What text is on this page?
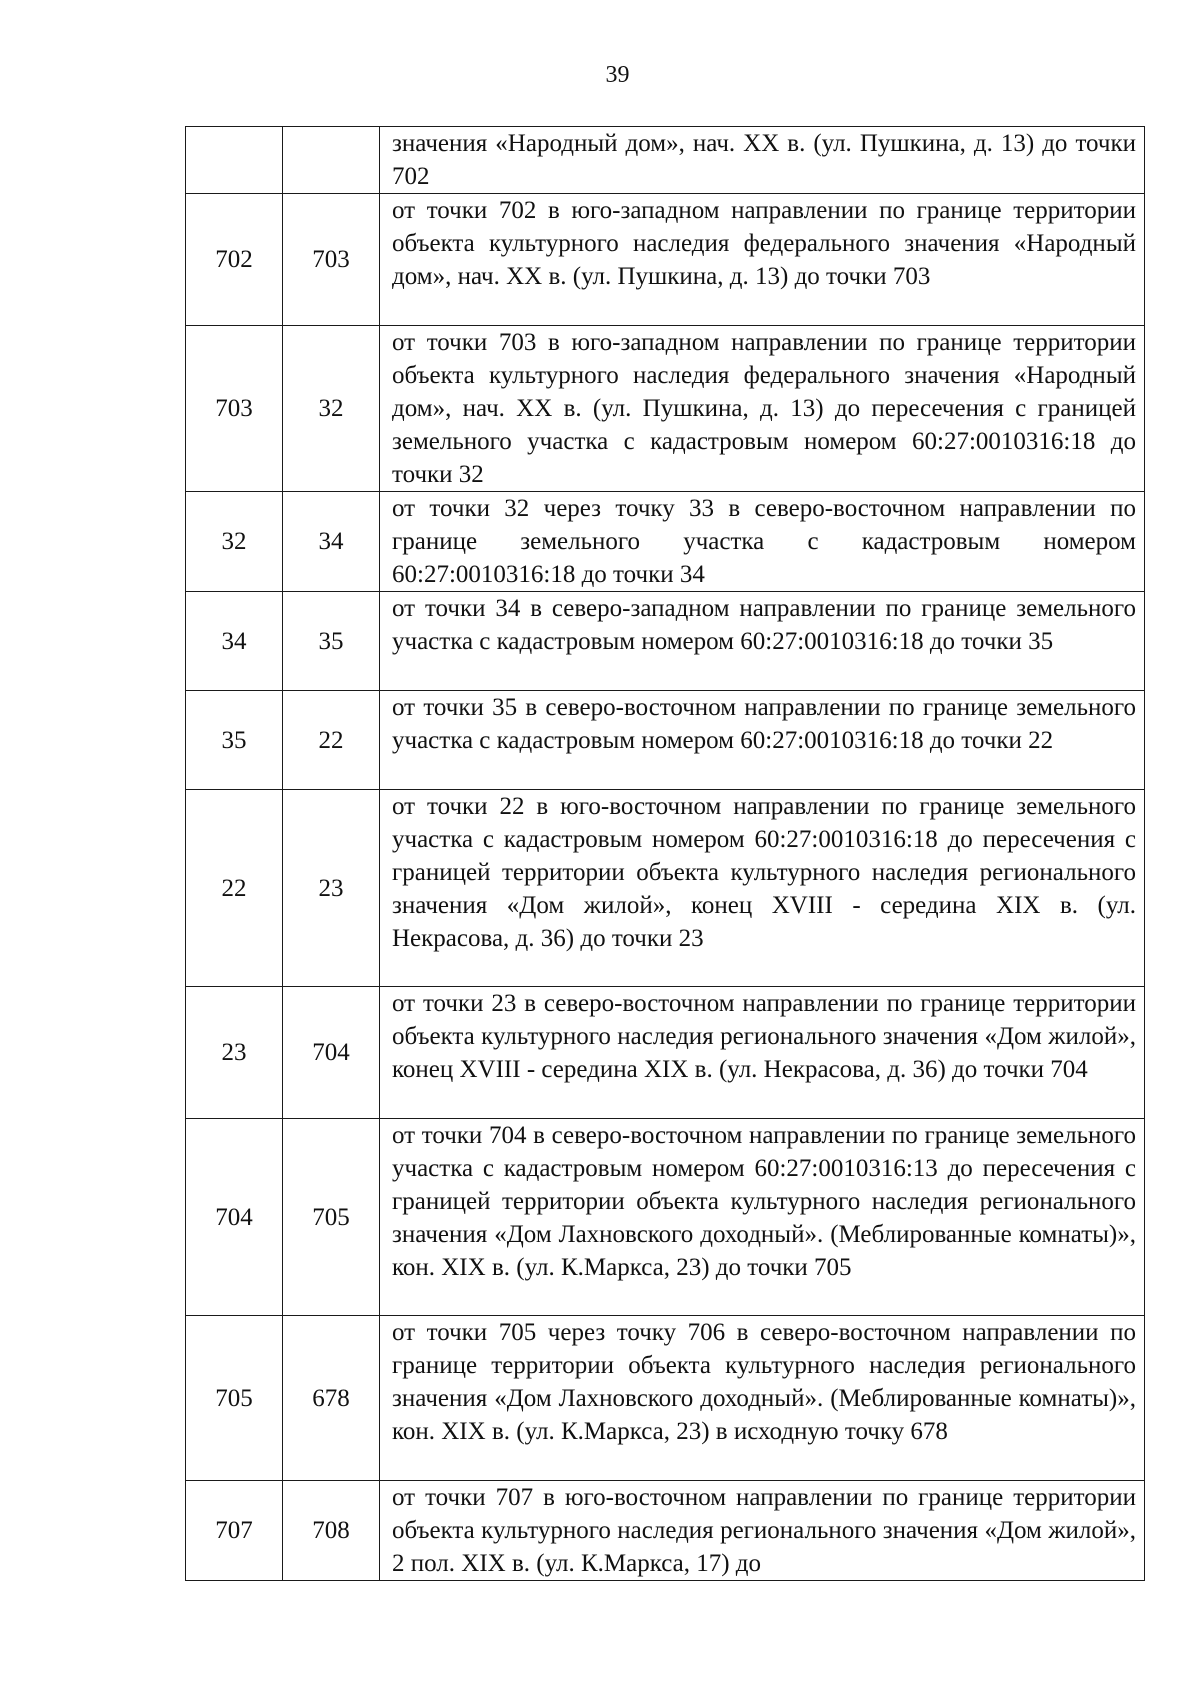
39

		значения «Народный дом», нач. XX в. (ул. Пушкина, д. 13) до точки 702

702	703	от точки 702 в юго-западном направлении по границе территории объекта культурного наследия федерального значения «Народный дом», нач. XX в. (ул. Пушкина, д. 13) до точки 703

703	32	от точки 703 в юго-западном направлении по границе территории объекта культурного наследия федерального значения «Народный дом», нач. XX в. (ул. Пушкина, д. 13) до пересечения с границей земельного участка с кадастровым номером 60:27:0010316:18 до точки 32

32	34	от точки 32 через точку 33 в северо-восточном направлении по границе земельного участка с кадастровым номером 60:27:0010316:18 до точки 34

34	35	от точки 34 в северо-западном направлении по границе земельного участка с кадастровым номером 60:27:0010316:18 до точки 35

35	22	от точки 35 в северо-восточном направлении по границе земельного участка с кадастровым номером 60:27:0010316:18 до точки 22

22	23	от точки 22 в юго-восточном направлении по границе земельного участка с кадастровым номером 60:27:0010316:18 до пересечения с границей территории объекта культурного наследия регионального значения «Дом жилой», конец XVIII - середина XIX в. (ул. Некрасова, д. 36) до точки 23

23	704	от точки 23 в северо-восточном направлении по границе территории объекта культурного наследия регионального значения «Дом жилой», конец XVIII - середина XIX в. (ул. Некрасова, д. 36) до точки 704

704	705	от точки 704 в северо-восточном направлении по границе земельного участка с кадастровым номером 60:27:0010316:13 до пересечения с границей территории объекта культурного наследия регионального значения «Дом Лахновского доходный». (Меблированные комнаты)», кон. XIX в. (ул. К.Маркса, 23) до точки 705

705	678	от точки 705 через точку 706 в северо-восточном направлении по границе территории объекта культурного наследия регионального значения «Дом Лахновского доходный». (Меблированные комнаты)», кон. XIX в. (ул. К.Маркса, 23) в исходную точку 678

707	708	от точки 707 в юго-восточном направлении по границе территории объекта культурного наследия регионального значения «Дом жилой», 2 пол. XIX в. (ул. К.Маркса, 17) до
